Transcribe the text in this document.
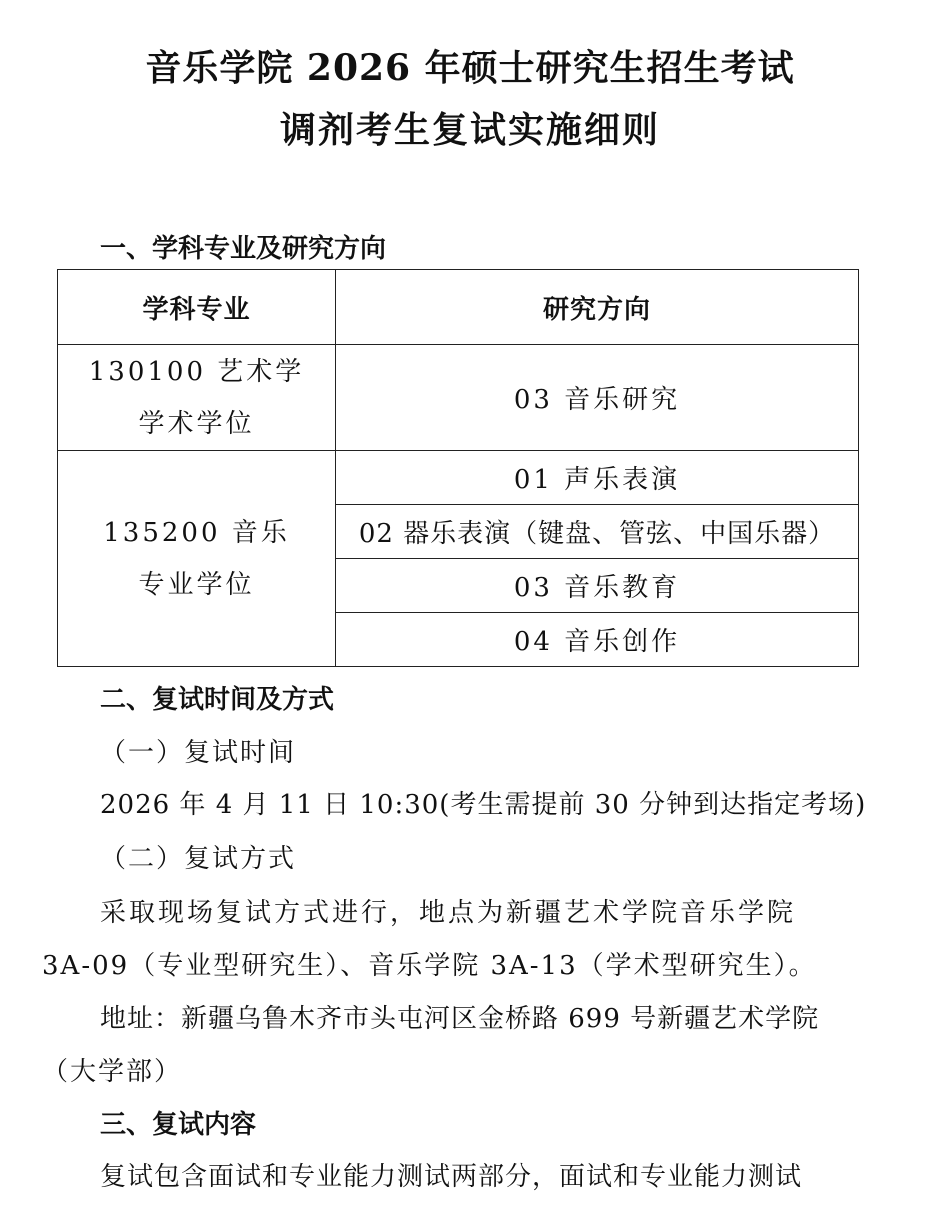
音乐学院 2026 年硕士研究生招生考试
调剂考生复试实施细则
一、学科专业及研究方向
学科专业	研究方向

130100 艺术学
学术学位	03 音乐研究

135200 音乐
专业学位	01 声乐表演
	02 器乐表演（键盘、管弦、中国乐器）
	03 音乐教育
	04 音乐创作
二、复试时间及方式
（一）复试时间
2026 年 4 月 11 日 10:30(考生需提前 30 分钟到达指定考场)
（二）复试方式
采取现场复试方式进行，地点为新疆艺术学院音乐学院
3A-09（专业型研究生）、音乐学院 3A-13（学术型研究生）。
地址：新疆乌鲁木齐市头屯河区金桥路 699 号新疆艺术学院
（大学部）
三、复试内容
复试包含面试和专业能力测试两部分，面试和专业能力测试
